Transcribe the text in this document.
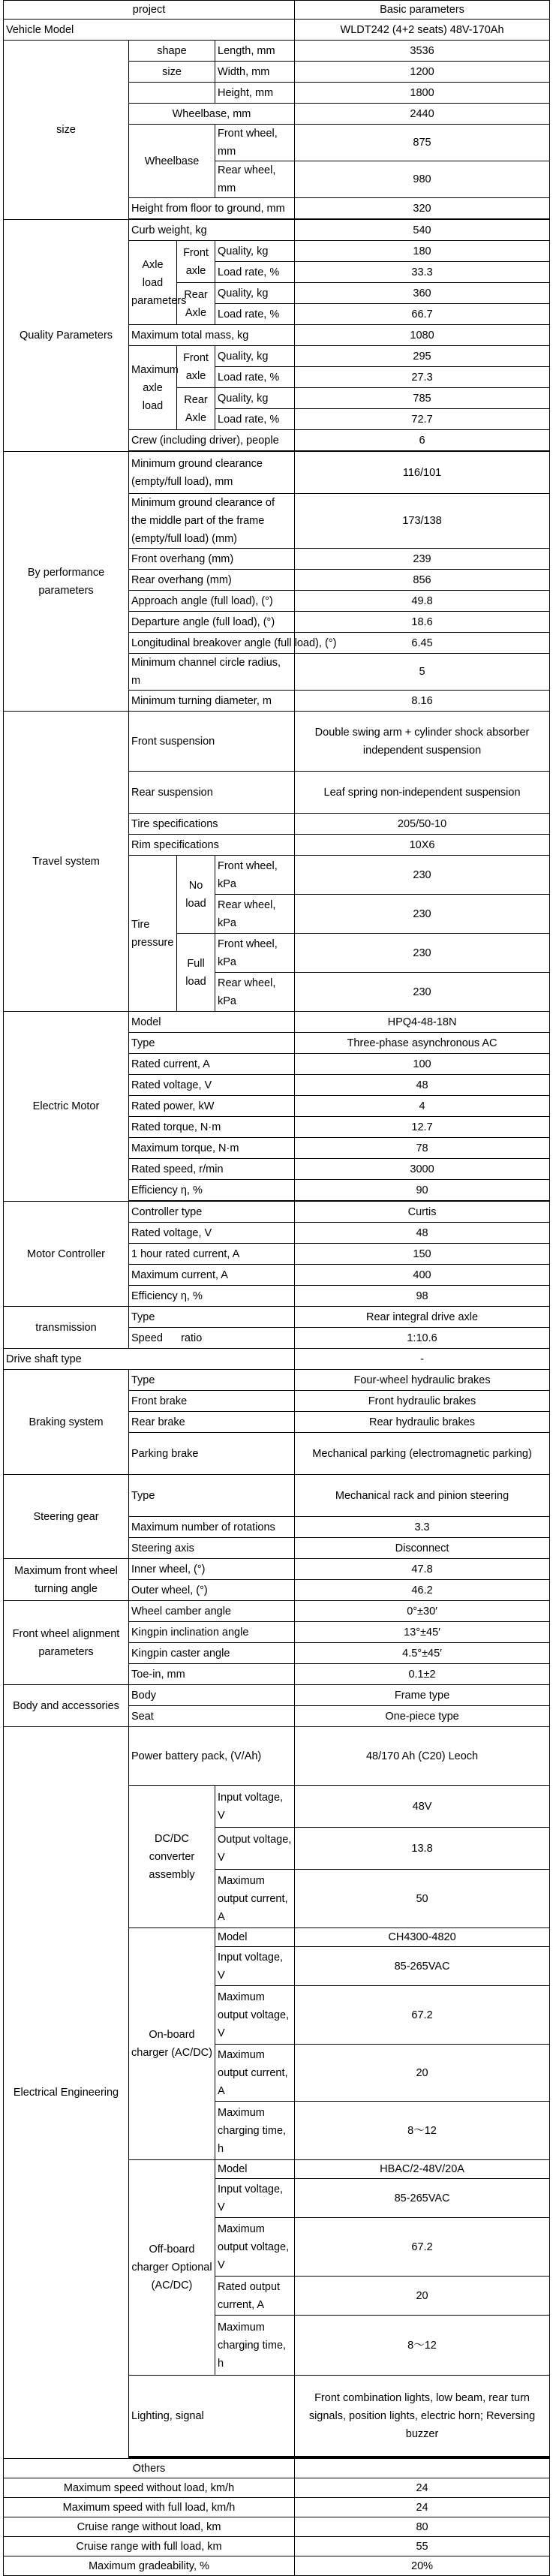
project				Basic parameters
Vehicle Model				WLDT242 (4+2 seats) 48V-170Ah
size	shape		Length, mm	3536
	size		Width, mm	1200
			Height, mm	1800
	Wheelbase, mm			2440
	Wheelbase		Front wheel, mm	875
			Rear wheel, mm	980
	Height from floor to ground, mm			320

Quality Parameters	Curb weight, kg			540
	Axle load parameters	Front axle	Quality, kg	180
			Load rate, %	33.3
		Rear Axle	Quality, kg	360
			Load rate, %	66.7
	Maximum total mass, kg			1080
	Maximum axle load	Front axle	Quality, kg	295
			Load rate, %	27.3
		Rear Axle	Quality, kg	785
			Load rate, %	72.7
	Crew (including driver), people			6

By performance parameters	Minimum ground clearance (empty/full load), mm			116/101
	Minimum ground clearance of the middle part of the frame (empty/full load) (mm)			173/138
	Front overhang (mm)			239
	Rear overhang (mm)			856
	Approach angle (full load), (°)			49.8
	Departure angle (full load), (°)			18.6
	Longitudinal breakover angle (full load), (°)			6.45
	Minimum channel circle radius, m			5
	Minimum turning diameter, m			8.16
Travel system	Front suspension			Double swing arm + cylinder shock absorber independent suspension
	Rear suspension			Leaf spring non-independent suspension
	Tire specifications			205/50-10
	Rim specifications			10X6
	Tire pressure	No load	Front wheel, kPa	230
			Rear wheel, kPa	230
		Full load	Front wheel, kPa	230
			Rear wheel, kPa	230
Electric Motor	Model			HPQ4-48-18N
	Type			Three-phase asynchronous AC
	Rated current, A			100
	Rated voltage, V			48
	Rated power, kW			4
	Rated torque, N·m			12.7
	Maximum torque, N·m			78
	Rated speed, r/min			3000
	Efficiency η, %			90

Motor Controller	Controller type			Curtis
	Rated voltage, V			48
	1 hour rated current, A			150
	Maximum current, A			400
	Efficiency η, %			98
transmission	Type			Rear integral drive axle
	Speed      ratio			1:10.6
Drive shaft type				-
Braking system	Type			Four-wheel hydraulic brakes
	Front brake			Front hydraulic brakes
	Rear brake			Rear hydraulic brakes
	Parking brake			Mechanical parking (electromagnetic parking)
Steering gear	Type			Mechanical rack and pinion steering
	Maximum number of rotations			3.3
	Steering axis			Disconnect
Maximum front wheel turning angle	Inner wheel, (°)			47.8
	Outer wheel, (°)			46.2
Front wheel alignment parameters	Wheel camber angle			0°±30′
	Kingpin inclination angle			13°±45′
	Kingpin caster angle			4.5°±45′
	Toe-in, mm			0.1±2
Body and accessories	Body			Frame type
	Seat			One-piece type
Electrical Engineering	Power battery pack, (V/Ah)			48/170 Ah (C20) Leoch
	DC/DC converter assembly		Input voltage, V	48V
			Output voltage, V	13.8
			Maximum output current, A	50
	On-board charger (AC/DC)		Model	CH4300-4820
			Input voltage, V	85-265VAC
			Maximum output voltage, V	67.2
			Maximum output current, A	20
			Maximum charging time, h	8～12
	Off-board charger Optional (AC/DC)		Model	HBAC/2-48V/20A
			Input voltage, V	85-265VAC
			Maximum output voltage, V	67.2
			Rated output current, A	20
			Maximum charging time, h	8～12
	Lighting, signal			Front combination lights, low beam, rear turn signals, position lights, electric horn; Reversing buzzer

Others				
Maximum speed without load, km/h				24
Maximum speed with full load, km/h				24
Cruise range without load, km				80
Cruise range with full load, km				55
Maximum gradeability, %				20%
